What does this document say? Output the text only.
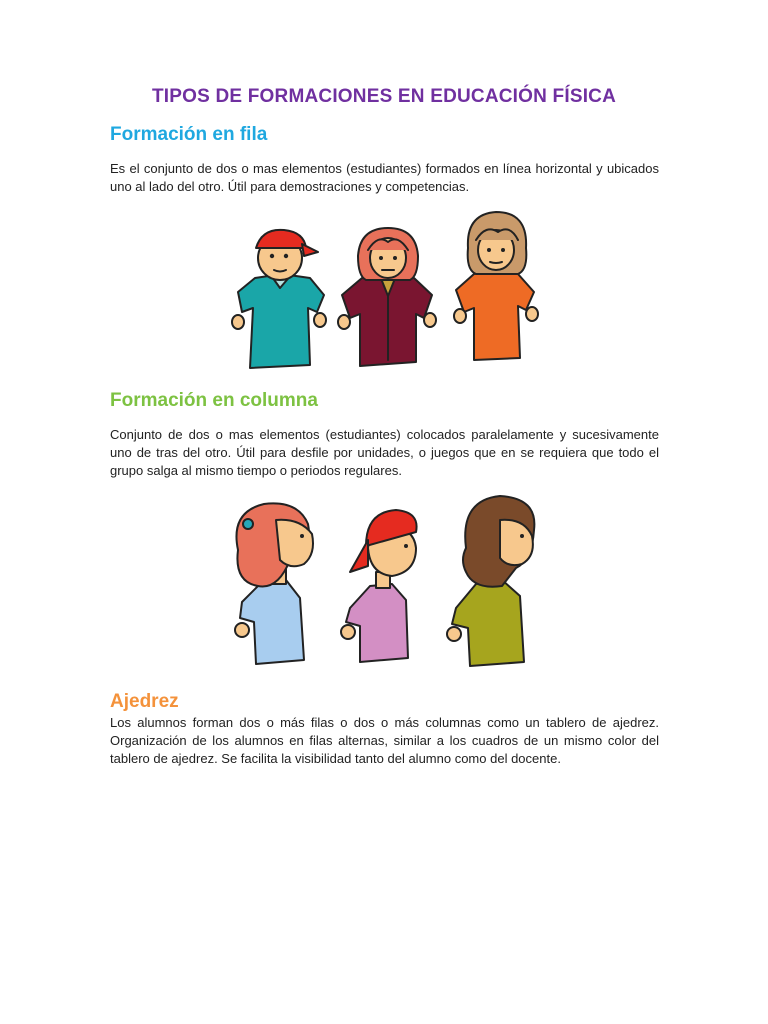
TIPOS DE FORMACIONES EN EDUCACIÓN FÍSICA
Formación en fila

Es el conjunto de dos o mas elementos (estudiantes) formados en línea horizontal y ubicados uno al lado del otro. Útil para demostraciones y competencias.

Formación en columna

Conjunto de dos o mas elementos (estudiantes) colocados paralelamente y sucesivamente uno de tras del otro. Útil para desfile por unidades, o juegos que en se requiera que todo el grupo salga al mismo tiempo o periodos regulares.

Ajedrez

Los alumnos forman dos o más filas o dos o más columnas como un tablero de ajedrez. Organización de los alumnos en filas alternas, similar a los cuadros de un mismo color del tablero de ajedrez. Se facilita la visibilidad tanto del alumno como del docente.
